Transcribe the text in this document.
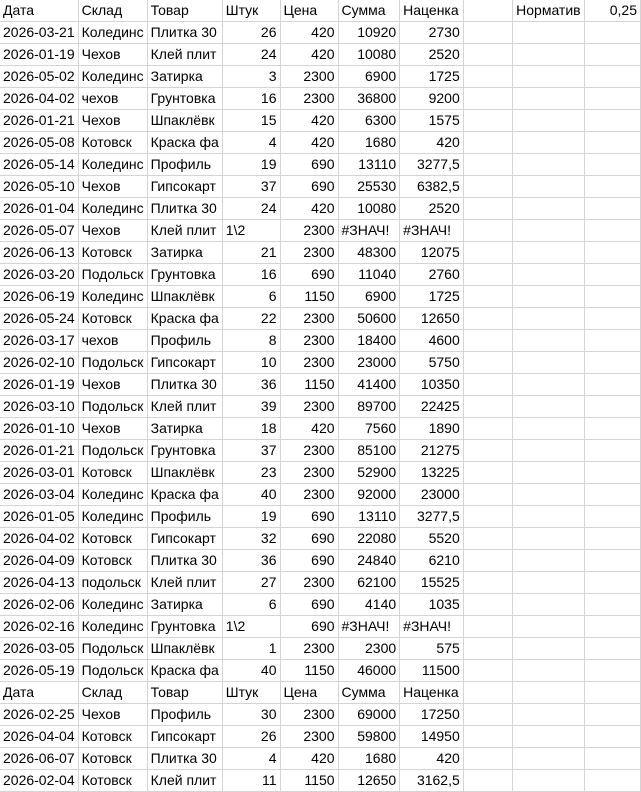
Дата	Склад	Товар	Штук	Цена	Сумма	Наценка		Норматив	0,25
2026-03-21	Колединс	Плитка 30	26	420	10920	2730			
2026-01-19	Чехов	Клей плит	24	420	10080	2520			
2026-05-02	Колединс	Затирка	3	2300	6900	1725			
2026-04-02	чехов	Грунтовка	16	2300	36800	9200			
2026-01-21	Чехов	Шпаклёвк	15	420	6300	1575			
2026-05-08	Котовск	Краска фа	4	420	1680	420			
2026-05-14	Колединс	Профиль	19	690	13110	3277,5			
2026-05-10	Чехов	Гипсокарт	37	690	25530	6382,5			
2026-01-04	Колединс	Плитка 30	24	420	10080	2520			
2026-05-07	Чехов	Клей плит	1\2	2300	#ЗНАЧ!	#ЗНАЧ!			
2026-06-13	Котовск	Затирка	21	2300	48300	12075			
2026-03-20	Подольск	Грунтовка	16	690	11040	2760			
2026-06-19	Колединс	Шпаклёвк	6	1150	6900	1725			
2026-05-24	Котовск	Краска фа	22	2300	50600	12650			
2026-03-17	чехов	Профиль	8	2300	18400	4600			
2026-02-10	Подольск	Гипсокарт	10	2300	23000	5750			
2026-01-19	Чехов	Плитка 30	36	1150	41400	10350			
2026-03-10	Подольск	Клей плит	39	2300	89700	22425			
2026-01-10	Чехов	Затирка	18	420	7560	1890			
2026-01-21	Подольск	Грунтовка	37	2300	85100	21275			
2026-03-01	Котовск	Шпаклёвк	23	2300	52900	13225			
2026-03-04	Колединс	Краска фа	40	2300	92000	23000			
2026-01-05	Колединс	Профиль	19	690	13110	3277,5			
2026-04-02	Котовск	Гипсокарт	32	690	22080	5520			
2026-04-09	Котовск	Плитка 30	36	690	24840	6210			
2026-04-13	подольск	Клей плит	27	2300	62100	15525			
2026-02-06	Колединс	Затирка	6	690	4140	1035			
2026-02-16	Колединс	Грунтовка	1\2	690	#ЗНАЧ!	#ЗНАЧ!			
2026-03-05	Подольск	Шпаклёвк	1	2300	2300	575			
2026-05-19	Подольск	Краска фа	40	1150	46000	11500			
Дата	Склад	Товар	Штук	Цена	Сумма	Наценка			
2026-02-25	Чехов	Профиль	30	2300	69000	17250			
2026-04-04	Котовск	Гипсокарт	26	2300	59800	14950			
2026-06-07	Котовск	Плитка 30	4	420	1680	420			
2026-02-04	Котовск	Клей плит	11	1150	12650	3162,5			
